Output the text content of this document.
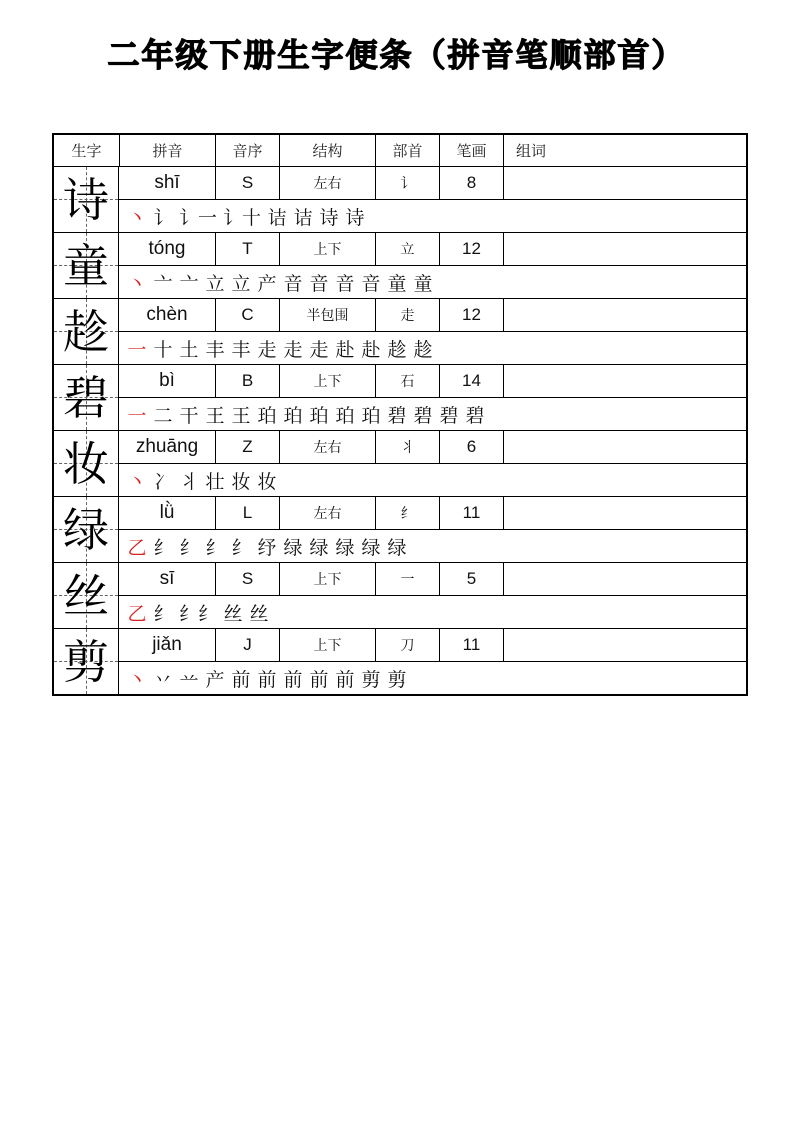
二年级下册生字便条（拼音笔顺部首）
生字	拼音	音序	结构	部首	笔画	组词
诗	shī	S	左右	讠	8
丶 讠 讠一 讠十 诘 诘 诗 诗
童	tóng	T	上下	立	12
丶 亠 亠 立 立 产 音 音 音 音 童 童
趁	chèn	C	半包围	走	12
一 十 土 丰 丰 走 走 走 赴 赴 趁 趁
碧	bì	B	上下	石	14
一 二 干 王 王 珀 珀 珀 珀 珀 碧 碧 碧 碧
妆	zhuāng	Z	左右	丬	6
丶 冫 丬 壮 妆 妆
绿	lǜ	L	左右	纟	11
乙 纟 纟 纟 纟 纾 绿 绿 绿 绿 绿
丝	sī	S	上下	一	5
乙 纟 纟纟 丝 丝
剪	jiǎn	J	上下	刀	11
丶 丷 䒑 产 前 前 前 前 前 剪 剪
